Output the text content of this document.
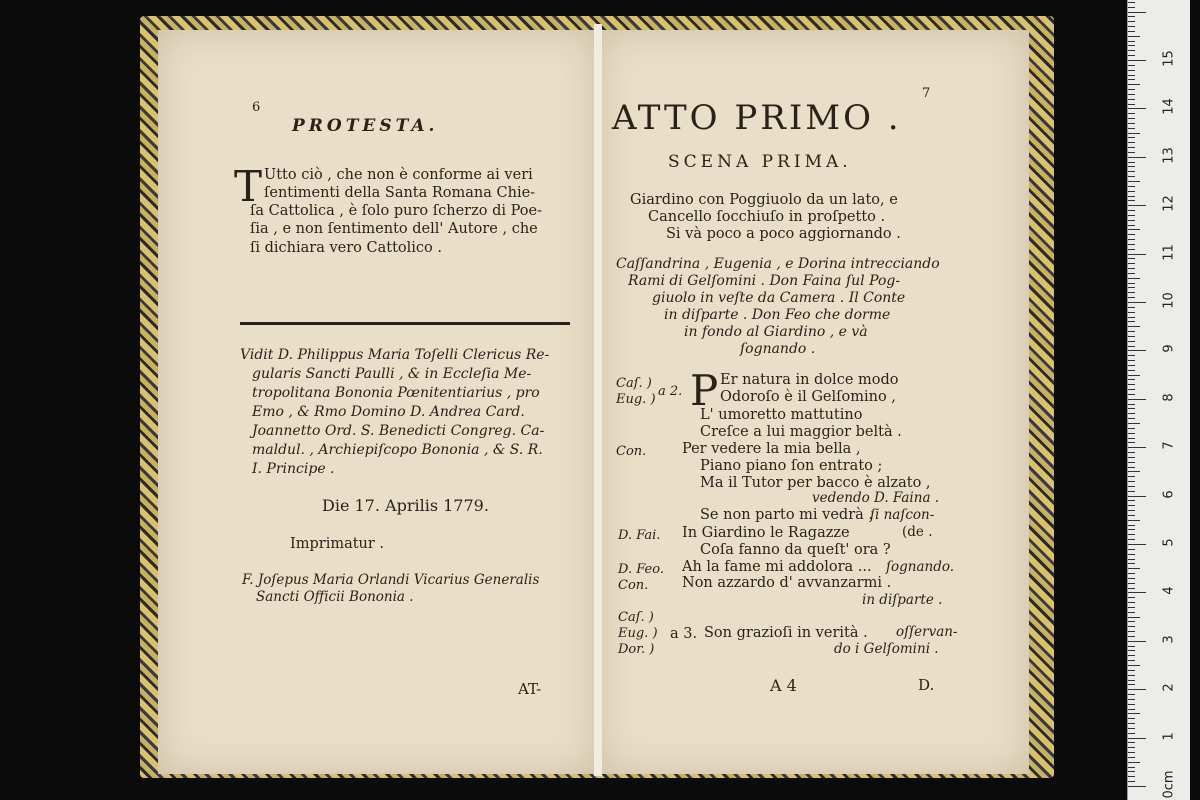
6
PROTESTA.
T Utto ciò , che non è conforme ai veri
ſentimenti della Santa Romana Chie-
ſa Cattolica , è ſolo puro ſcherzo di Poe-
ſia , e non ſentimento dell' Autore , che
ſi dichiara vero Cattolico .
Vidit D. Philippus Maria Toſelli Clericus Re-
gularis Sancti Paulli , & in Eccleſia Me-
tropolitana Bononia Pœnitentiarius , pro
Emo , & Rmo Domino D. Andrea Card.
Joannetto Ord. S. Benedicti Congreg. Ca-
maldul. , Archiepiſcopo Bononia , & S. R.
I. Principe .
Die 17. Aprilis 1779.
Imprimatur .
F. Joſepus Maria Orlandi Vicarius Generalis
Sancti Officii Bononia .
AT-
ATTO PRIMO .
7
SCENA PRIMA.
Giardino con Poggiuolo da un lato, e
Cancello ſocchiuſo in proſpetto .
Si và poco a poco aggiornando .
Caſſandrina , Eugenia , e Dorina intrecciando
Rami di Gelſomini . Don Faina ſul Pog-
giuolo in veſte da Camera . Il Conte
in diſparte . Don Feo che dorme
in fondo al Giardino , e và
ſognando .
Caſ. )
Eug. )
a 2. P Er natura in dolce modo
Odoroſo è il Gelſomino ,
L' umoretto mattutino
Creſce a lui maggior beltà .
Con. Per vedere la mia bella ,
Piano piano ſon entrato ;
Ma il Tutor per bacco è alzato ,
vedendo D. Faina .
Se non parto mi vedrà .
ſi naſcon-
D. Fai. In Giardino le Ragazze	(de .
Coſa fanno da queſt' ora ?
D. Feo. Ah la fame mi addolora ... ſognando.
Con. Non azzardo d' avvanzarmi .
in diſparte .
Caſ. )
Eug. )
Dor. )
a 3. Son grazioſi in verità . oſſervan-
do i Gelſomini .
A 4	D.
0cm
1
2
3
4
5
6
7
8
9
10
11
12
13
14
15
